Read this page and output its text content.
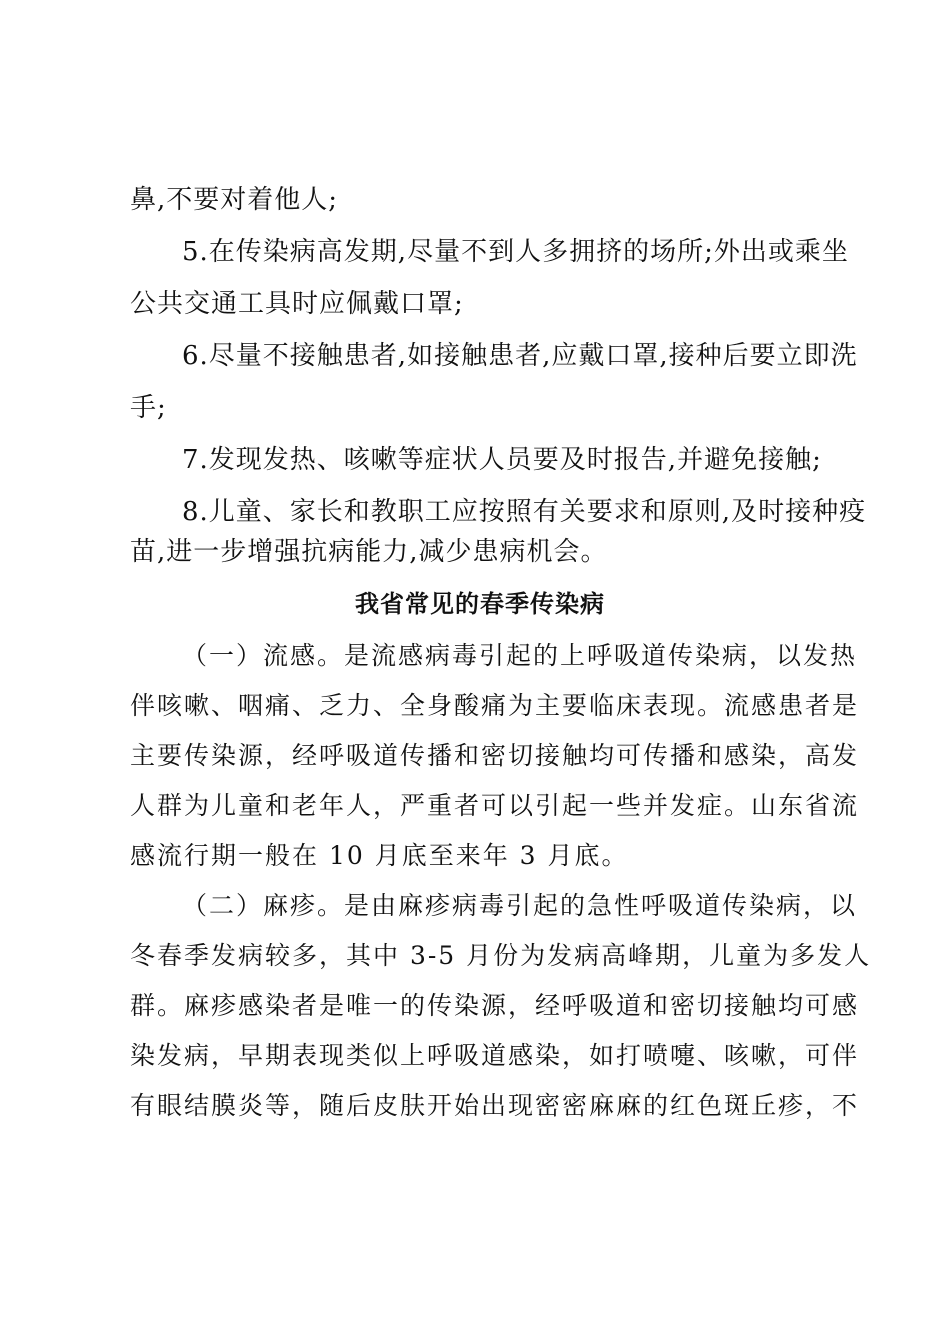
鼻,不要对着他人;
5.在传染病高发期,尽量不到人多拥挤的场所;外出或乘坐
公共交通工具时应佩戴口罩;
6.尽量不接触患者,如接触患者,应戴口罩,接种后要立即洗
手;
7.发现发热、咳嗽等症状人员要及时报告,并避免接触;
8.儿童、家长和教职工应按照有关要求和原则,及时接种疫
苗,进一步增强抗病能力,减少患病机会。
我省常见的春季传染病
（一）流感。是流感病毒引起的上呼吸道传染病，以发热
伴咳嗽、咽痛、乏力、全身酸痛为主要临床表现。流感患者是
主要传染源，经呼吸道传播和密切接触均可传播和感染，高发
人群为儿童和老年人，严重者可以引起一些并发症。山东省流
感流行期一般在 10 月底至来年 3 月底。
（二）麻疹。是由麻疹病毒引起的急性呼吸道传染病，以
冬春季发病较多，其中 3-5 月份为发病高峰期，儿童为多发人
群。麻疹感染者是唯一的传染源，经呼吸道和密切接触均可感
染发病，早期表现类似上呼吸道感染，如打喷嚏、咳嗽，可伴
有眼结膜炎等，随后皮肤开始出现密密麻麻的红色斑丘疹，不
